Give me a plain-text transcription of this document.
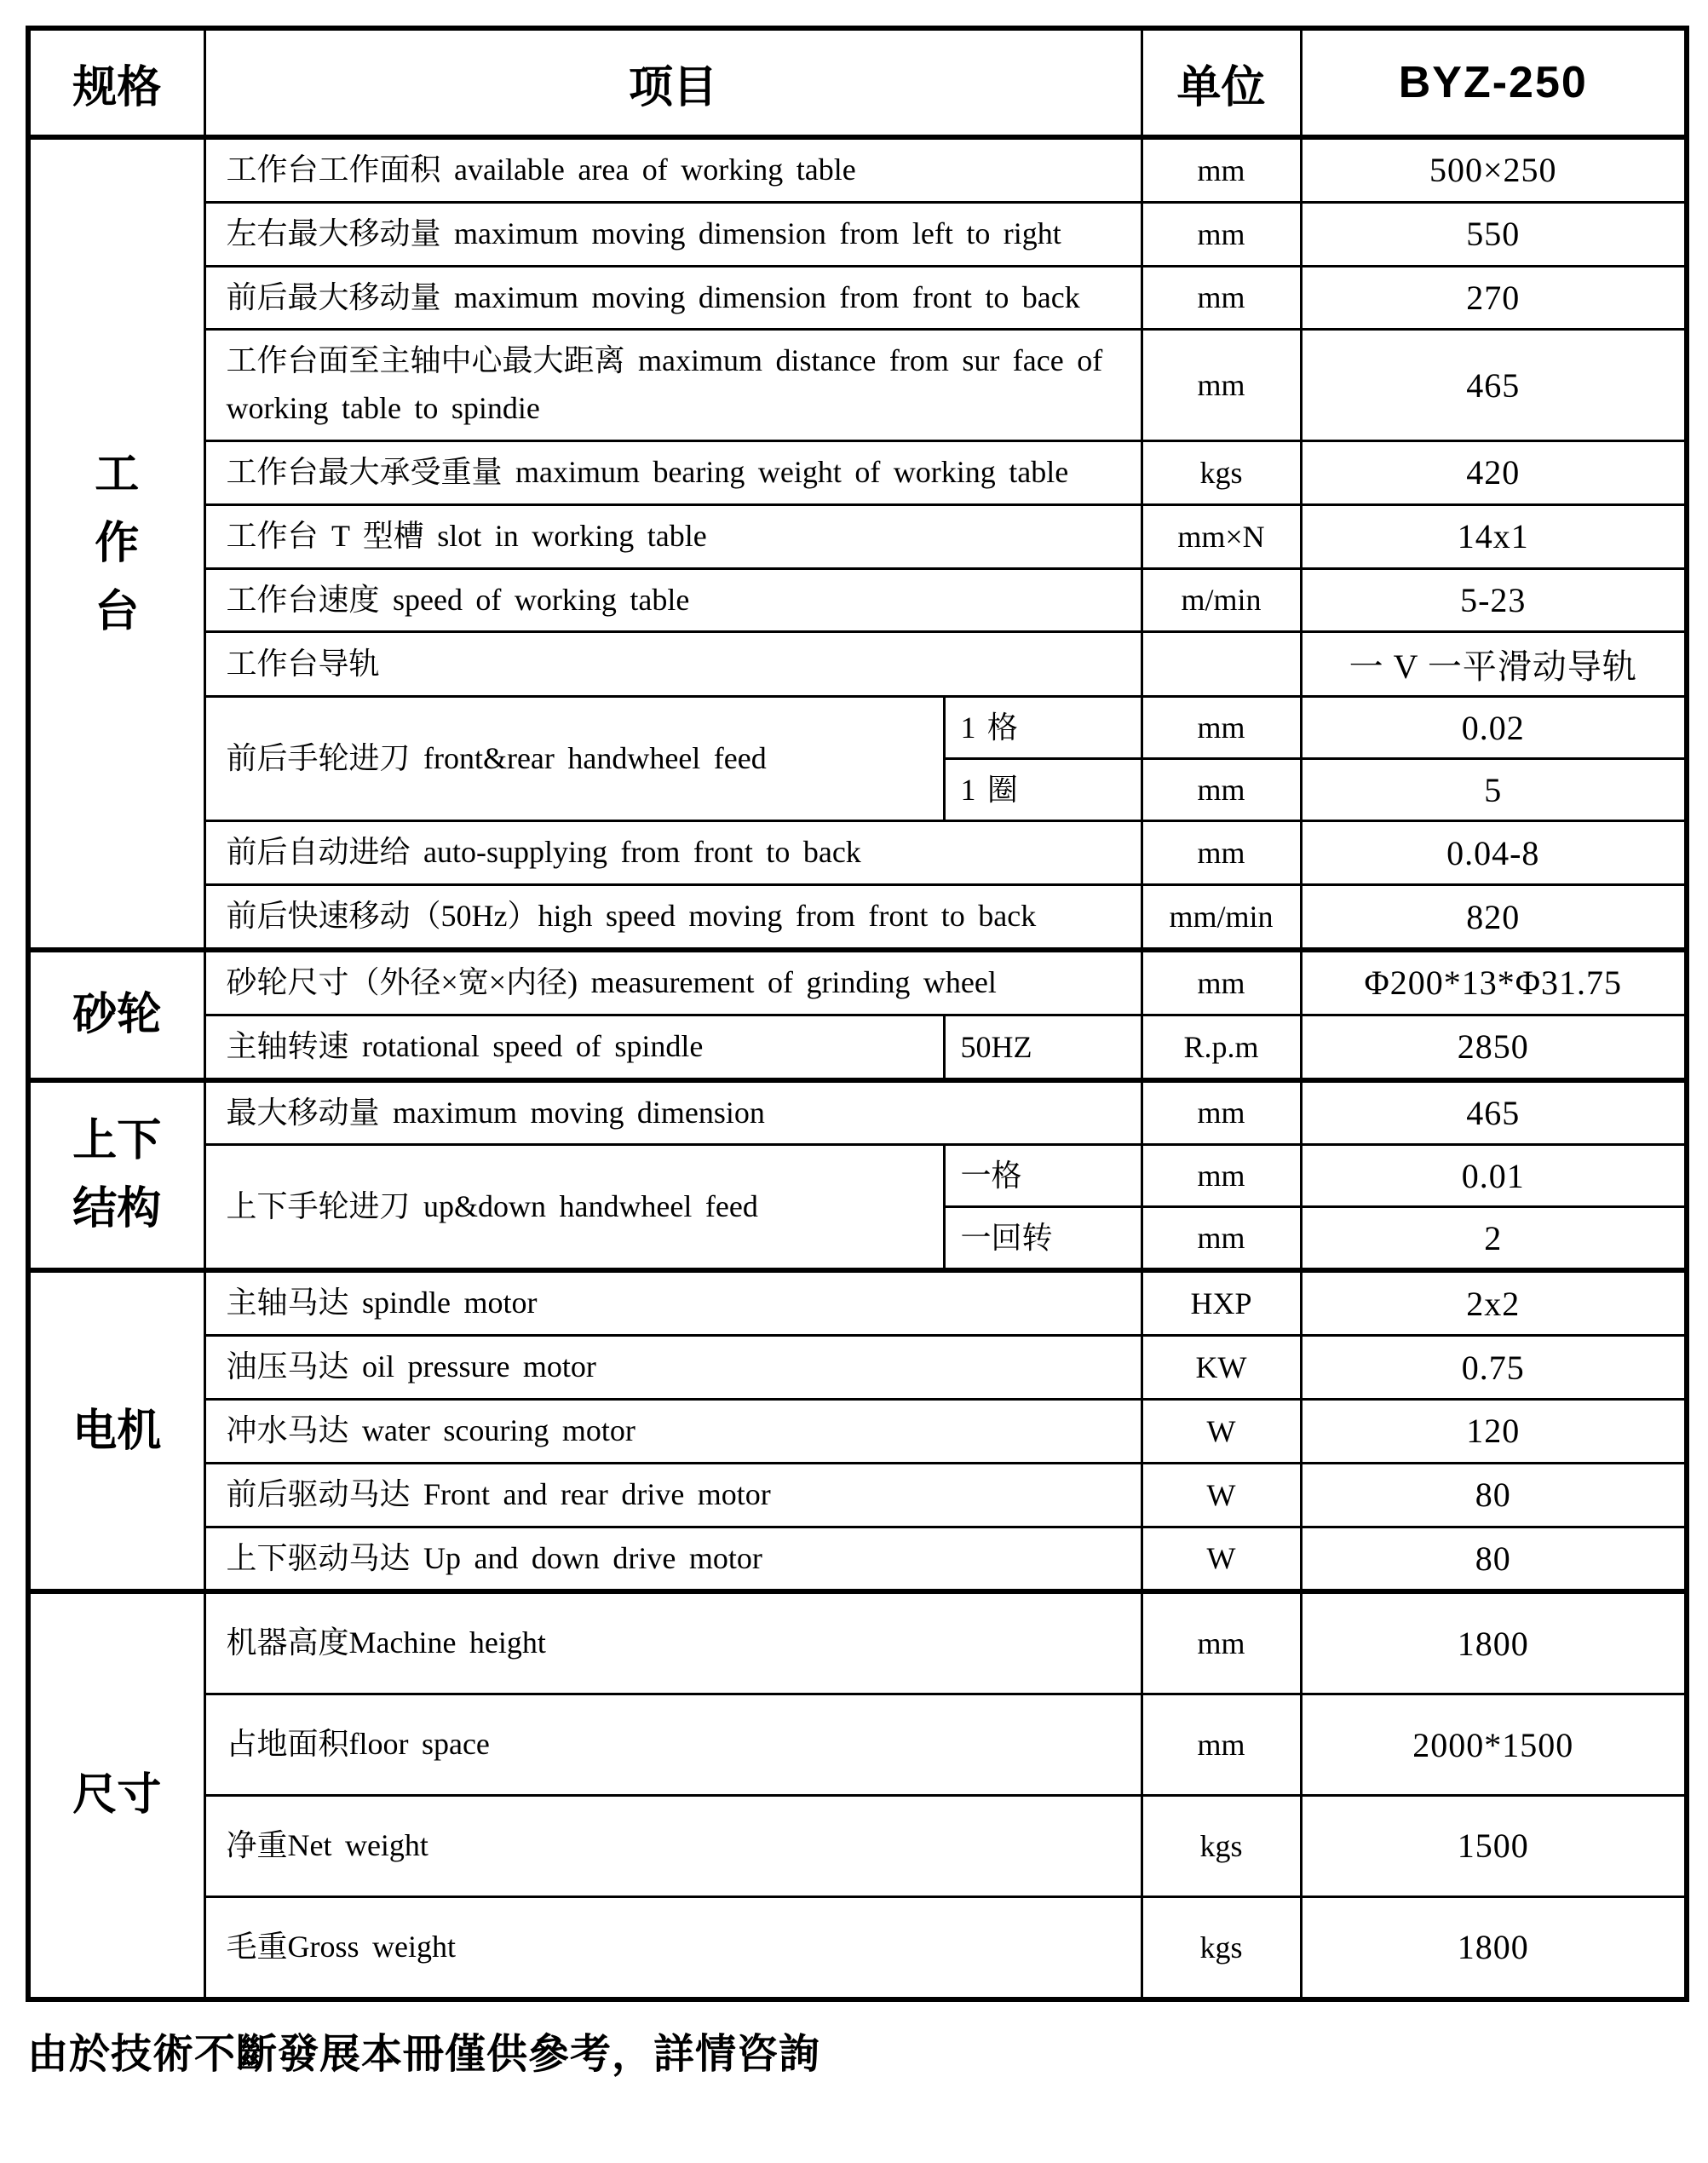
规格	项目		单位	BYZ-250
工
作
台	工作台工作面积 available area of working table		mm	500×250
	左右最大移动量 maximum moving dimension from left to right		mm	550
	前后最大移动量 maximum moving dimension from front to back		mm	270
	工作台面至主轴中心最大距离 maximum distance from sur face of working table to spindie		mm	465
	工作台最大承受重量 maximum bearing weight of working table		kgs	420
	工作台 T 型槽 slot in working table		mm×N	14x1
	工作台速度 speed of working table		m/min	5-23
	工作台导轨			一 V 一平滑动导轨
	前后手轮进刀 front&rear handwheel feed	1 格	mm	0.02
		1 圈	mm	5
	前后自动进给 auto-supplying from front to back		mm	0.04-8
	前后快速移动（50Hz）high speed moving from front to back		mm/min	820
砂轮	砂轮尺寸（外径×宽×内径) measurement of grinding wheel		mm	Φ200*13*Φ31.75
	主轴转速 rotational speed of spindle	50HZ	R.p.m	2850
上下
结构	最大移动量 maximum moving dimension		mm	465
	上下手轮进刀 up&down handwheel feed	一格	mm	0.01
		一回转	mm	2
电机	主轴马达 spindle motor		HXP	2x2
	油压马达 oil pressure motor		KW	0.75
	冲水马达 water scouring motor		W	120
	前后驱动马达 Front and rear drive motor		W	80
	上下驱动马达 Up and down drive motor		W	80
尺寸	机器高度Machine height		mm	1800
	占地面积floor space		mm	2000*1500
	净重Net weight		kgs	1500
	毛重Gross weight		kgs	1800
由於技術不斷發展本冊僅供參考，詳情咨詢
